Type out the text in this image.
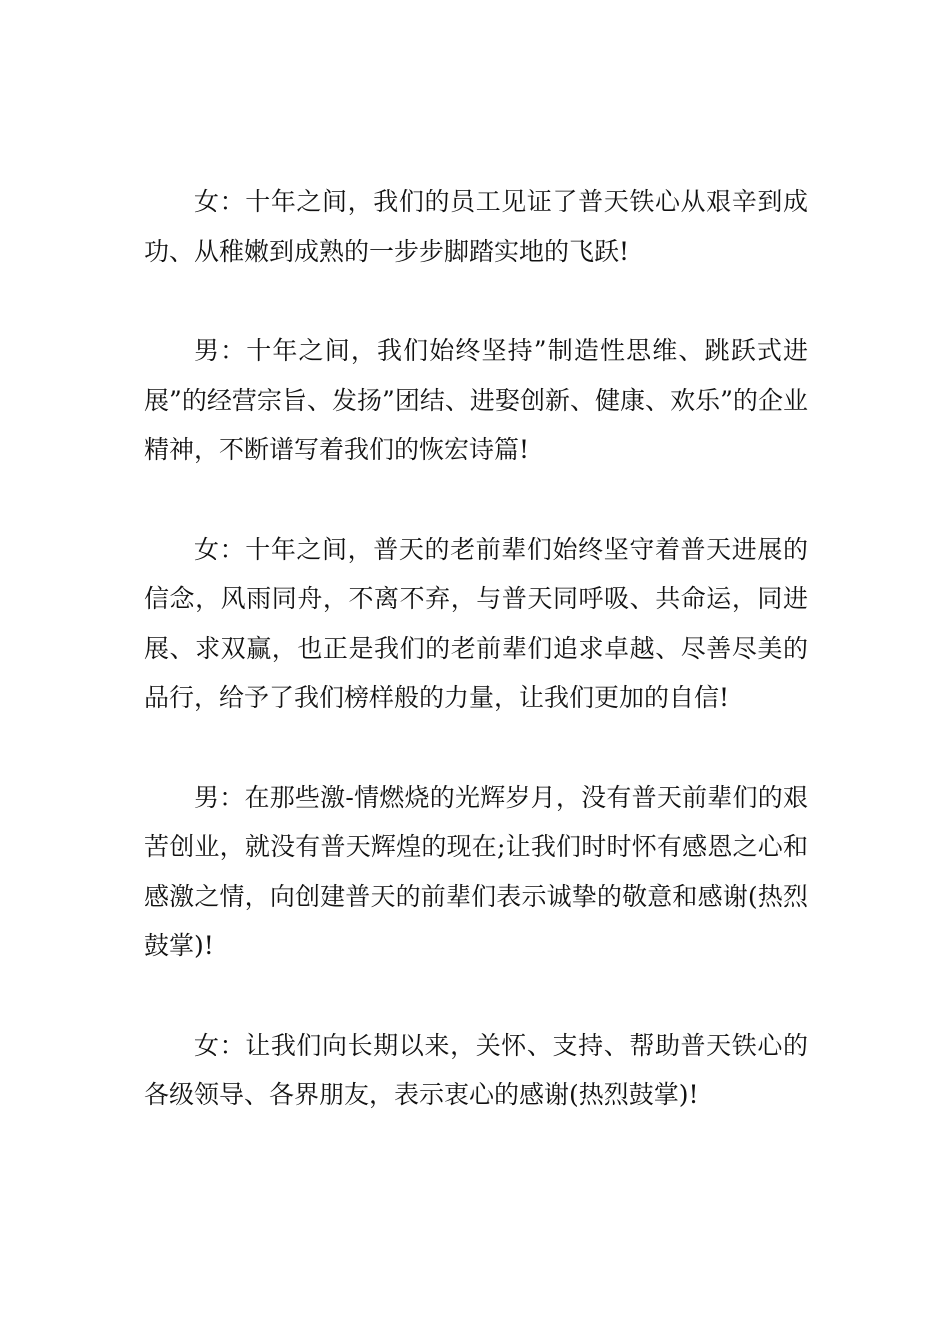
女：十年之间，我们的员工见证了普天铁心从艰辛到成功、从稚嫩到成熟的一步步脚踏实地的飞跃!

男：十年之间，我们始终坚持”制造性思维、跳跃式进展”的经营宗旨、发扬”团结、进娶创新、健康、欢乐”的企业精神，不断谱写着我们的恢宏诗篇!

女：十年之间，普天的老前辈们始终坚守着普天进展的信念，风雨同舟，不离不弃，与普天同呼吸、共命运，同进展、求双赢，也正是我们的老前辈们追求卓越、尽善尽美的品行，给予了我们榜样般的力量，让我们更加的自信!

男：在那些激-情燃烧的光辉岁月，没有普天前辈们的艰苦创业，就没有普天辉煌的现在;让我们时时怀有感恩之心和感激之情，向创建普天的前辈们表示诚挚的敬意和感谢(热烈鼓掌)!

女：让我们向长期以来，关怀、支持、帮助普天铁心的各级领导、各界朋友，表示衷心的感谢(热烈鼓掌)!
